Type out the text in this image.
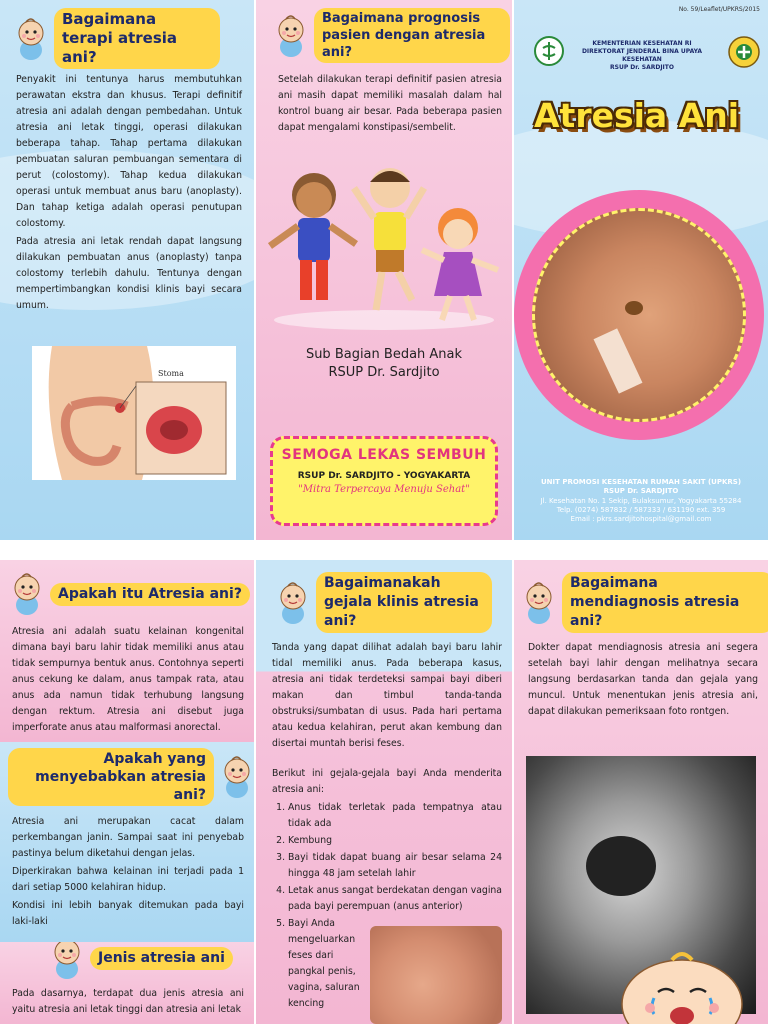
Bagaimana terapi atresia ani?

Penyakit ini tentunya harus membutuhkan perawatan ekstra dan khusus. Terapi definitif atresia ani adalah dengan pembedahan. Untuk atresia ani letak tinggi, operasi dilakukan beberapa tahap. Tahap pertama dilakukan pembuatan saluran pembuangan sementara di perut (colostomy). Tahap kedua dilakukan operasi untuk membuat anus baru (anoplasty). Dan tahap ketiga adalah operasi penutupan colostomy.

Pada atresia ani letak rendah dapat langsung dilakukan pembuatan anus (anoplasty) tanpa colostomy terlebih dahulu. Tentunya dengan mempertimbangkan kondisi klinis bayi secara umum.

Stoma
Bagaimana prognosis pasien dengan atresia ani?

Setelah dilakukan terapi definitif pasien atresia ani masih dapat memiliki masalah dalam hal kontrol buang air besar. Pada beberapa pasien dapat mengalami konstipasi/sembelit.

Sub Bagian Bedah Anak
RSUP Dr. Sardjito
SEMOGA LEKAS SEMBUH
RSUP Dr. SARDJITO - YOGYAKARTA
"Mitra Terpercaya Menuju Sehat"
No. 59/Leaflet/UPKRS/2015
KEMENTERIAN KESEHATAN RI
DIREKTORAT JENDERAL BINA UPAYA KESEHATAN
RSUP Dr. SARDJITO
Atresia Ani
UNIT PROMOSI KESEHATAN RUMAH SAKIT (UPKRS)
RSUP Dr. SARDJITO
Jl. Kesehatan No. 1 Sekip, Bulaksumur, Yogyakarta 55284
Telp. (0274) 587832 / 587333 / 631190 ext. 359
Email : pkrs.sardjitohospital@gmail.com
Apakah itu Atresia ani?

Atresia ani adalah suatu kelainan kongenital dimana bayi baru lahir tidak memiliki anus atau tidak sempurnya bentuk anus. Contohnya seperti anus cekung ke dalam, anus tampak rata, atau anus ada namun tidak terhubung langsung dengan rektum. Atresia ani disebut juga imperforate anus atau malformasi anorectal.

Apakah yang
menyebabkan atresia ani?

Atresia ani merupakan cacat dalam perkembangan janin. Sampai saat ini penyebab pastinya belum diketahui dengan jelas.

Diperkirakan bahwa kelainan ini terjadi pada 1 dari setiap 5000 kelahiran hidup.

Kondisi ini lebih banyak ditemukan pada bayi laki-laki

Jenis atresia ani

Pada dasarnya, terdapat dua jenis atresia ani yaitu atresia ani letak tinggi dan atresia ani letak

Bagaimanakah gejala klinis atresia ani?

Tanda yang dapat dilihat adalah bayi baru lahir tidal memiliki anus. Pada beberapa kasus, atresia ani tidak terdeteksi sampai bayi diberi makan dan timbul tanda-tanda obstruksi/sumbatan di usus. Pada hari pertama atau kedua kelahiran, perut akan kembung dan disertai muntah berisi feses.

Berikut ini gejala-gejala bayi Anda menderita atresia ani:

1. Anus tidak terletak pada tempatnya atau tidak ada
2. Kembung
3. Bayi tidak dapat buang air besar selama 24 hingga 48 jam setelah lahir
4. Letak anus sangat berdekatan dengan vagina pada bayi perempuan (anus anterior)
5. Bayi Anda mengeluarkan feses dari pangkal penis, vagina, saluran kencing
Bagaimana mendiagnosis atresia ani?

Dokter dapat mendiagnosis atresia ani segera setelah bayi lahir dengan melihatnya secara langsung berdasarkan tanda dan gejala yang muncul. Untuk menentukan jenis atresia ani, dapat dilakukan pemeriksaan foto rontgen.
